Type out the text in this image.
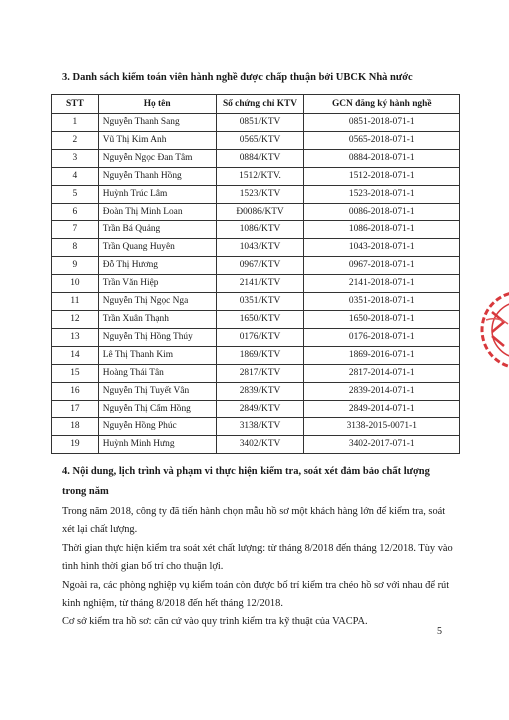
3. Danh sách kiểm toán viên hành nghề được chấp thuận bởi UBCK Nhà nước
STT	Họ tên	Số chứng chỉ KTV	GCN đăng ký hành nghề
1	Nguyễn Thanh Sang	0851/KTV	0851-2018-071-1
2	Vũ Thị Kim Anh	0565/KTV	0565-2018-071-1
3	Nguyễn Ngọc Đan Tâm	0884/KTV	0884-2018-071-1
4	Nguyễn Thanh Hồng	1512/KTV.	1512-2018-071-1
5	Huỳnh Trúc Lâm	1523/KTV	1523-2018-071-1
6	Đoàn Thị Minh Loan	Đ0086/KTV	0086-2018-071-1
7	Trần Bá Quảng	1086/KTV	1086-2018-071-1
8	Trần Quang Huyên	1043/KTV	1043-2018-071-1
9	Đỗ Thị Hương	0967/KTV	0967-2018-071-1
10	Trần Văn Hiệp	2141/KTV	2141-2018-071-1
11	Nguyễn Thị Ngọc Nga	0351/KTV	0351-2018-071-1
12	Trần Xuân Thạnh	1650/KTV	1650-2018-071-1
13	Nguyễn Thị Hồng Thúy	0176/KTV	0176-2018-071-1
14	Lê Thị Thanh Kim	1869/KTV	1869-2016-071-1
15	Hoàng Thái Tân	2817/KTV	2817-2014-071-1
16	Nguyễn Thị Tuyết Vân	2839/KTV	2839-2014-071-1
17	Nguyễn Thị Cẩm Hồng	2849/KTV	2849-2014-071-1
18	Nguyễn Hồng Phúc	3138/KTV	3138-2015-0071-1
19	Huỳnh Minh Hưng	3402/KTV	3402-2017-071-1
4. Nội dung, lịch trình và phạm vi thực hiện kiểm tra, soát xét đảm bảo chất lượng trong năm
Trong năm 2018, công ty đã tiến hành chọn mẫu hồ sơ một khách hàng lớn để kiểm tra, soát xét lại chất lượng.
Thời gian thực hiện kiểm tra soát xét chất lượng: từ tháng 8/2018 đến tháng 12/2018. Tùy vào tình hình thời gian bố trí cho thuận lợi.
Ngoài ra, các phòng nghiệp vụ kiểm toán còn được bố trí kiểm tra chéo hồ sơ với nhau để rút kinh nghiệm, từ tháng 8/2018 đến hết tháng 12/2018.
Cơ sở kiểm tra hồ sơ: căn cứ vào quy trình kiểm tra kỹ thuật của VACPA.
5
